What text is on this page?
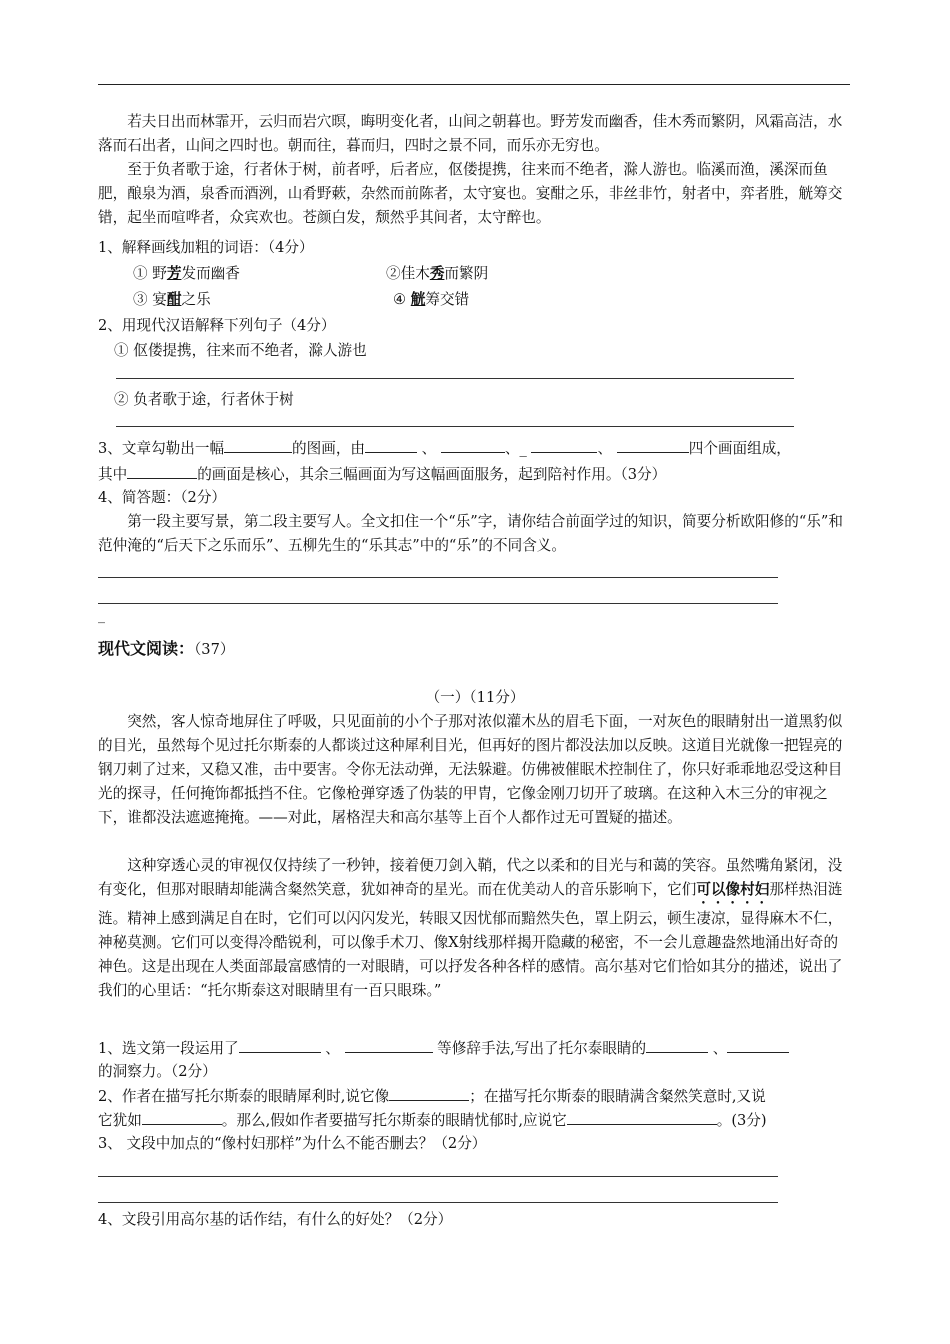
若夫日出而林霏开，云归而岩穴暝，晦明变化者，山间之朝暮也。野芳发而幽香，佳木秀而繁阴，风霜高洁，水落而石出者，山间之四时也。朝而往，暮而归，四时之景不同，而乐亦无穷也。

至于负者歌于途，行者休于树，前者呼，后者应，伛偻提携，往来而不绝者，滁人游也。临溪而渔，溪深而鱼肥，酿泉为酒，泉香而酒洌，山肴野蔌，杂然而前陈者，太守宴也。宴酣之乐，非丝非竹，射者中，弈者胜，觥筹交错，起坐而喧哗者，众宾欢也。苍颜白发，颓然乎其间者，太守醉也。

1、解释画线加粗的词语：（4分）

① 野芳发而幽香	②佳木秀而繁阴

③ 宴酣之乐	④ 觥筹交错

2、用现代汉语解释下列句子（4分）

① 伛偻提携，往来而不绝者，滁人游也

② 负者歌于途，行者休于树

3、文章勾勒出一幅	的图画，由	、	、_	、	四个画面组成，

其中	的画面是核心，其余三幅画面为写这幅画面服务，起到陪衬作用。（3分）

4、简答题：（2分）

第一段主要写景，第二段主要写人。全文扣住一个“乐”字，请你结合前面学过的知识，简要分析欧阳修的“乐”和范仲淹的“后天下之乐而乐”、五柳先生的“乐其志”中的“乐”的不同含义。

_

现代文阅读：（37）

（一）（11分）

突然，客人惊奇地屏住了呼吸，只见面前的小个子那对浓似灌木丛的眉毛下面，一对灰色的眼睛射出一道黑豹似的目光，虽然每个见过托尔斯泰的人都谈过这种犀利目光，但再好的图片都没法加以反映。这道目光就像一把锃亮的钢刀刺了过来，又稳又准，击中要害。令你无法动弹，无法躲避。仿佛被催眠术控制住了，你只好乖乖地忍受这种目光的探寻，任何掩饰都抵挡不住。它像枪弹穿透了伪装的甲胄，它像金刚刀切开了玻璃。在这种入木三分的审视之下，谁都没法遮遮掩掩。——对此，屠格涅夫和高尔基等上百个人都作过无可置疑的描述。

这种穿透心灵的审视仅仅持续了一秒钟，接着便刀剑入鞘，代之以柔和的目光与和蔼的笑容。虽然嘴角紧闭，没有变化，但那对眼睛却能满含粲然笑意，犹如神奇的星光。而在优美动人的音乐影响下，它们可以像村妇那样热泪涟涟。精神上感到满足自在时，它们可以闪闪发光，转眼又因忧郁而黯然失色，罩上阴云，顿生凄凉，显得麻木不仁，神秘莫测。它们可以变得冷酷锐利，可以像手术刀、像X射线那样揭开隐藏的秘密，不一会儿意趣盎然地涌出好奇的神色。这是出现在人类面部最富感情的一对眼睛，可以抒发各种各样的感情。高尔基对它们恰如其分的描述，说出了我们的心里话：“托尔斯泰这对眼睛里有一百只眼珠。”

1、选文第一段运用了	、	等修辞手法,写出了托尔泰眼睛的	、

的洞察力。（2分）

2、作者在描写托尔斯泰的眼睛犀利时,说它像	；在描写托尔斯泰的眼睛满含粲然笑意时,又说

它犹如	。那么,假如作者要描写托尔斯泰的眼睛忧郁时,应说它	。(3分)

3、 文段中加点的“像村妇那样”为什么不能否删去？（2分）

4、文段引用高尔基的话作结，有什么的好处？（2分）
